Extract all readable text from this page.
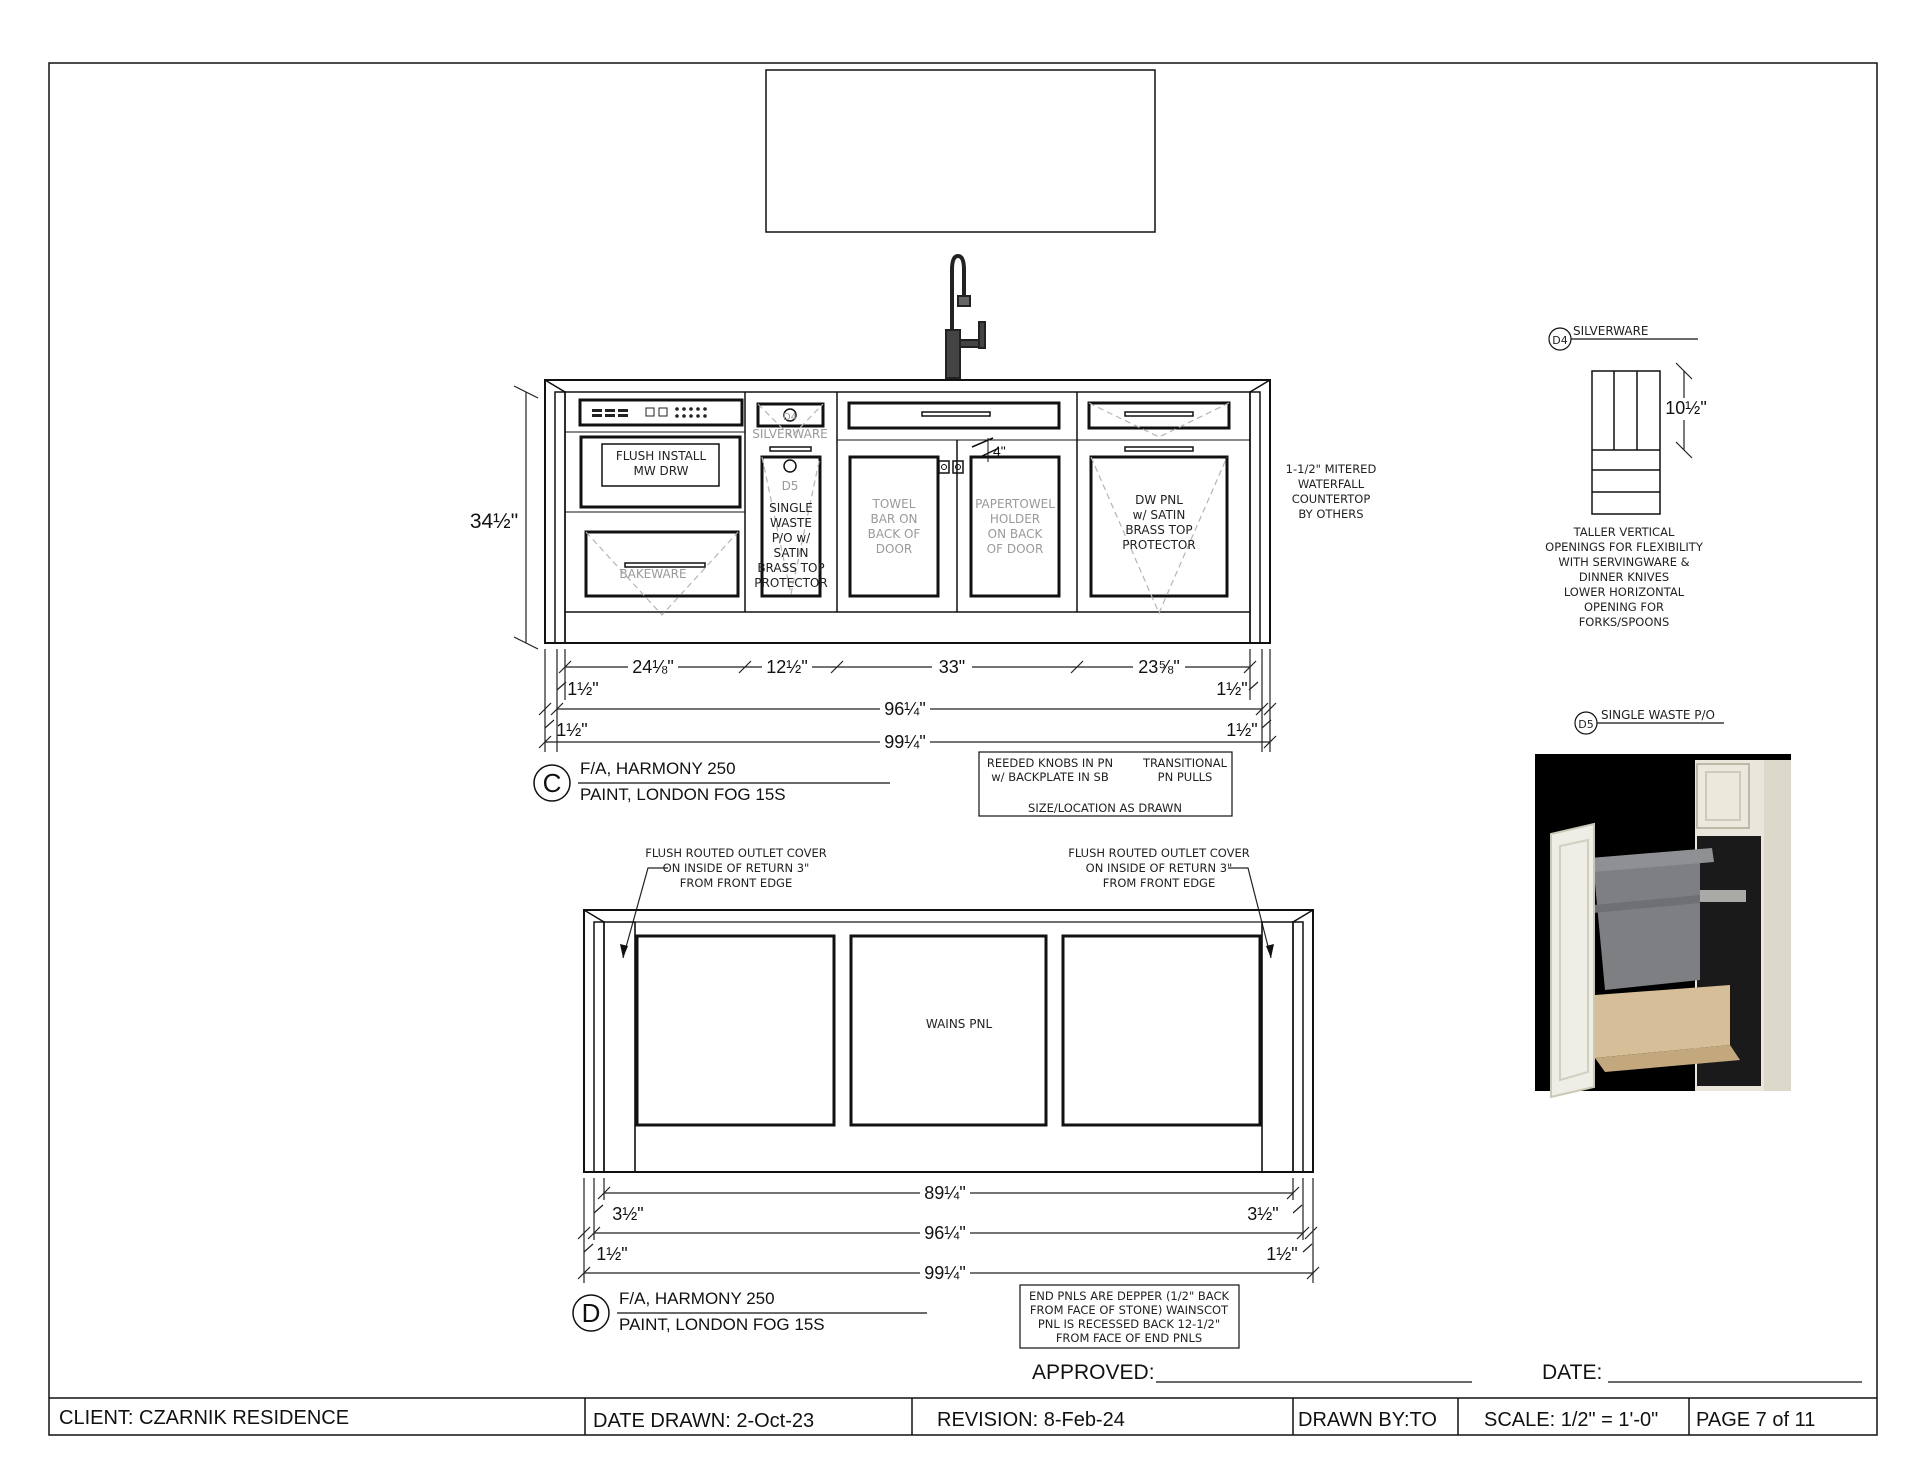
34½"
24⅛"	12½"	33"	23⅝"
1½"	1½"
96¼"
1½"	1½"
99¼"
FLUSH INSTALL
MW DRW
BAKEWARE
SILVERWARE
D4
D5
SINGLE
WASTE
P/O w/
SATIN
BRASS TOP
PROTECTOR
TOWEL
BAR ON
BACK OF
DOOR
PAPERTOWEL
HOLDER
ON BACK
OF DOOR
DW PNL
w/ SATIN
BRASS TOP
PROTECTOR
4"
1-1/2" MITERED
WATERFALL
COUNTERTOP
BY OTHERS
C F/A, HARMONY 250
PAINT, LONDON FOG 15S
REEDED KNOBS IN PN
w/ BACKPLATE IN SB
TRANSITIONAL
PN PULLS
SIZE/LOCATION AS DRAWN
FLUSH ROUTED OUTLET COVER
ON INSIDE OF RETURN 3"
FROM FRONT EDGE
FLUSH ROUTED OUTLET COVER
ON INSIDE OF RETURN 3"
FROM FRONT EDGE
WAINS PNL
89¼"
3½"	3½"
96¼"
1½"	1½"
99¼"
D F/A, HARMONY 250
PAINT, LONDON FOG 15S
END PNLS ARE DEPPER (1/2" BACK
FROM FACE OF STONE) WAINSCOT
PNL IS RECESSED BACK 12-1/2"
FROM FACE OF END PNLS
D4
SILVERWARE
10½"
TALLER VERTICAL
OPENINGS FOR FLEXIBILITY
WITH SERVINGWARE &
DINNER KNIVES
LOWER HORIZONTAL
OPENING FOR
FORKS/SPOONS
D5
SINGLE WASTE P/O
APPROVED:	DATE:
CLIENT: CZARNIK RESIDENCE	DATE DRAWN: 2-Oct-23	REVISION: 8-Feb-24	DRAWN BY:TO SCALE: 1/2" = 1'-0" PAGE 7 of 11
